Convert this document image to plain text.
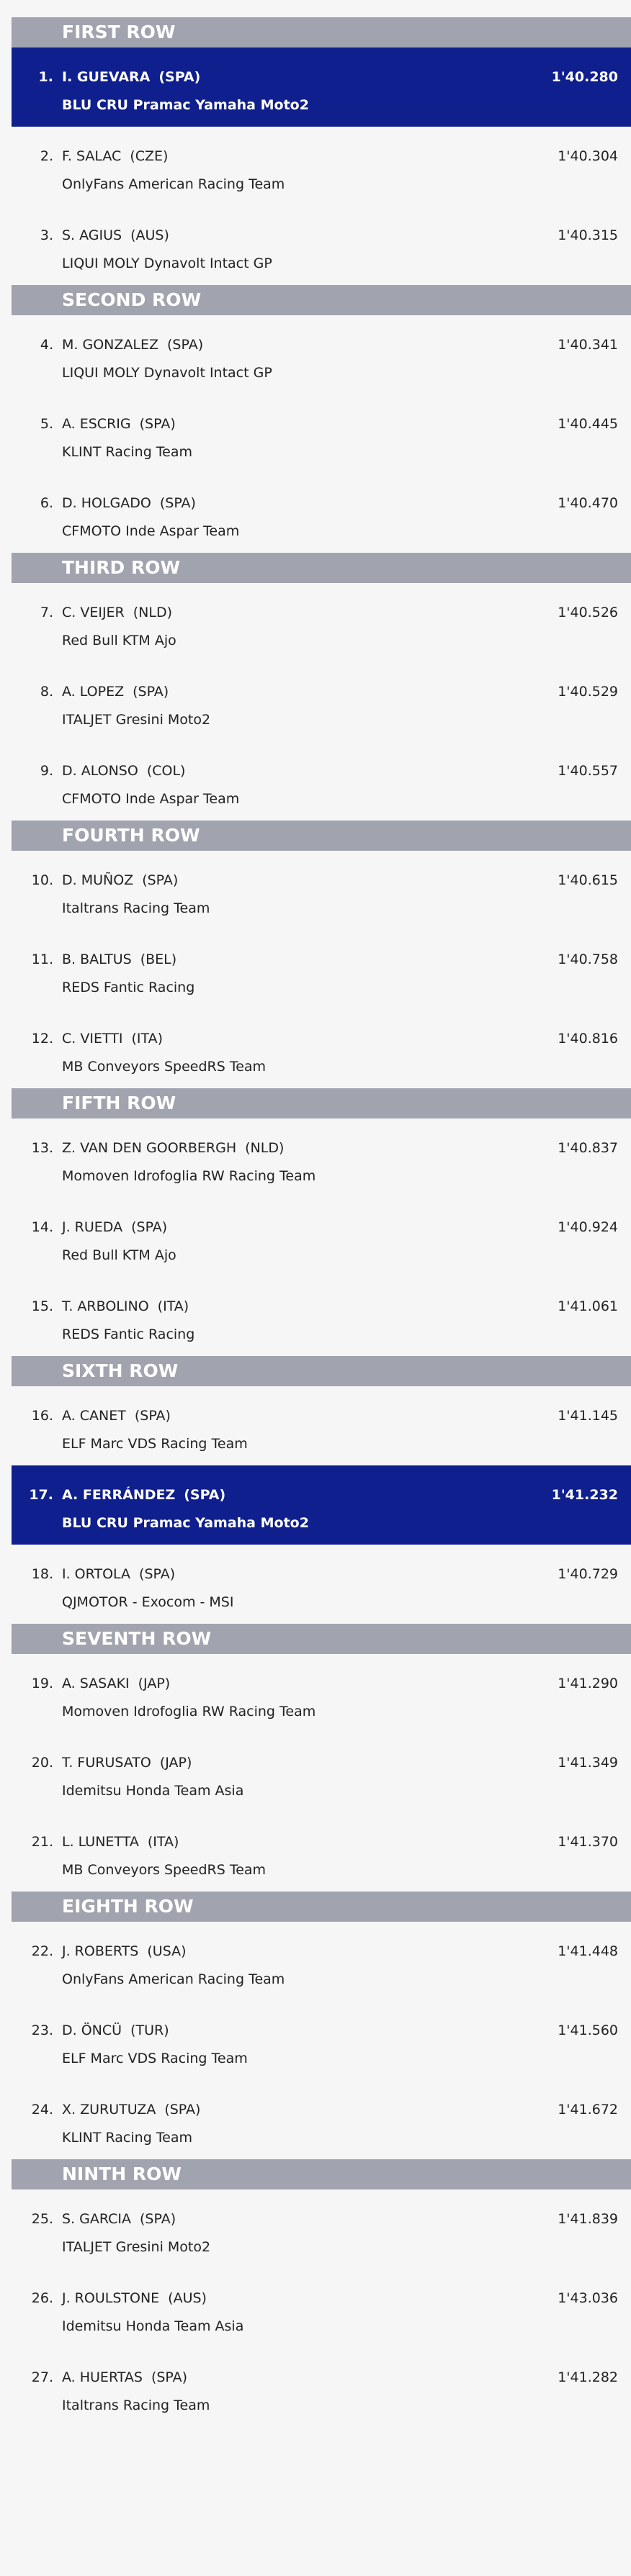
FIRST ROW
1. I. GUEVARA (SPA)
BLU CRU Pramac Yamaha Moto2
1'40.280
2. F. SALAC (CZE)
OnlyFans American Racing Team
1'40.304
3. S. AGIUS (AUS)
LIQUI MOLY Dynavolt Intact GP
1'40.315
SECOND ROW
4. M. GONZALEZ (SPA)
LIQUI MOLY Dynavolt Intact GP
1'40.341
5. A. ESCRIG (SPA)
KLINT Racing Team
1'40.445
6. D. HOLGADO (SPA)
CFMOTO Inde Aspar Team
1'40.470
THIRD ROW
7. C. VEIJER (NLD)
Red Bull KTM Ajo
1'40.526
8. A. LOPEZ (SPA)
ITALJET Gresini Moto2
1'40.529
9. D. ALONSO (COL)
CFMOTO Inde Aspar Team
1'40.557
FOURTH ROW
10. D. MUÑOZ (SPA)
Italtrans Racing Team
1'40.615
11. B. BALTUS (BEL)
REDS Fantic Racing
1'40.758
12. C. VIETTI (ITA)
MB Conveyors SpeedRS Team
1'40.816
FIFTH ROW
13. Z. VAN DEN GOORBERGH (NLD)
Momoven Idrofoglia RW Racing Team
1'40.837
14. J. RUEDA (SPA)
Red Bull KTM Ajo
1'40.924
15. T. ARBOLINO (ITA)
REDS Fantic Racing
1'41.061
SIXTH ROW
16. A. CANET (SPA)
ELF Marc VDS Racing Team
1'41.145
17. A. FERRÁNDEZ (SPA)
BLU CRU Pramac Yamaha Moto2
1'41.232
18. I. ORTOLA (SPA)
QJMOTOR - Exocom - MSI
1'40.729
SEVENTH ROW
19. A. SASAKI (JAP)
Momoven Idrofoglia RW Racing Team
1'41.290
20. T. FURUSATO (JAP)
Idemitsu Honda Team Asia
1'41.349
21. L. LUNETTA (ITA)
MB Conveyors SpeedRS Team
1'41.370
EIGHTH ROW
22. J. ROBERTS (USA)
OnlyFans American Racing Team
1'41.448
23. D. ÖNCÜ (TUR)
ELF Marc VDS Racing Team
1'41.560
24. X. ZURUTUZA (SPA)
KLINT Racing Team
1'41.672
NINTH ROW
25. S. GARCIA (SPA)
ITALJET Gresini Moto2
1'41.839
26. J. ROULSTONE (AUS)
Idemitsu Honda Team Asia
1'43.036
27. A. HUERTAS (SPA)
Italtrans Racing Team
1'41.282
